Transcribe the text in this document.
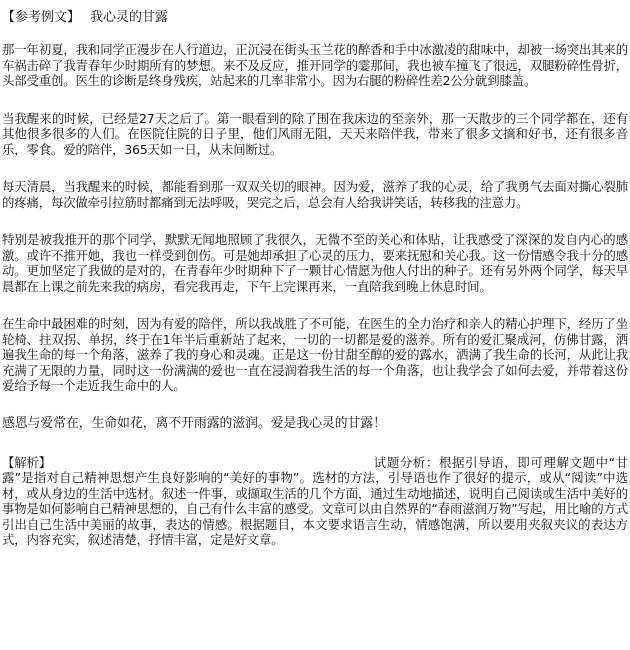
【参考例文】 我心灵的甘露

那一年初夏，我和同学正漫步在人行道边，正沉浸在街头玉兰花的醉香和手中冰激凌的甜味中，却被一场突出其来的车祸击碎了我青春年少时期所有的梦想。来不及反应，推开同学的霎那间，我也被车撞飞了很远，双腿粉碎性骨折，头部受重创。医生的诊断是终身残疾，站起来的几率非常小。因为右腿的粉碎性差2公分就到膝盖。

当我醒来的时候，已经是27天之后了。第一眼看到的除了围在我床边的至亲外，那一天散步的三个同学都在，还有其他很多很多的人们。在医院住院的日子里，他们风雨无阻，天天来陪伴我，带来了很多文摘和好书，还有很多音乐，零食。爱的陪伴，365天如一日，从未间断过。

每天清晨，当我醒来的时候，都能看到那一双双关切的眼神。因为爱，滋养了我的心灵，给了我勇气去面对撕心裂肺的疼痛，每次做牵引拉筋时都痛到无法呼吸，哭完之后，总会有人给我讲笑话，转移我的注意力。

特别是被我推开的那个同学，默默无闻地照顾了我很久，无微不至的关心和体贴，让我感受了深深的发自内心的感激。或许不推开她，我也一样受到创伤。可是她却承担了心灵的压力，要来抚慰和关心我。这一份情感令我十分的感动。更加坚定了我做的是对的，在青春年少时期种下了一颗甘心情愿为他人付出的种子。还有另外两个同学，每天早晨都在上课之前先来我的病房，看完我再走，下午上完课再来，一直陪我到晚上休息时间。

在生命中最困难的时刻，因为有爱的陪伴，所以我战胜了不可能，在医生的全力治疗和亲人的精心护理下，经历了坐轮椅、拄双拐、单拐，终于在1年半后重新站了起来，一切的一切都是爱的滋养。所有的爱汇聚成河，仿佛甘露，洒遍我生命的每一个角落，滋养了我的身心和灵魂。正是这一份甘甜至醇的爱的露水，洒满了我生命的长河，从此让我充满了无限的力量，同时这一份满满的爱也一直在浸润着我生活的每一个角落，也让我学会了如何去爱，并带着这份爱给予每一个走近我生命中的人。

感恩与爱常在，生命如花，离不开雨露的滋润。爱是我心灵的甘露！
【解析】	试题分析：根据引导语，即可理解文题中“甘露”是指对自己精神思想产生良好影响的“美好的事物”。选材的方法，引导语也作了很好的提示，或从“阅读”中选材，或从身边的生活中选材。叙述一件事，或撷取生活的几个方面，通过生动地描述，说明自己阅读或生活中美好的事物是如何影响自己精神思想的，自己有什么丰富的感受。文章可以由自然界的“春雨滋润万物”写起，用比喻的方式引出自己生活中美丽的故事，表达的情感。根据题目，本文要求语言生动，情感饱满，所以要用夹叙夹议的表达方式，内容充实，叙述清楚，抒情丰富，定是好文章。
